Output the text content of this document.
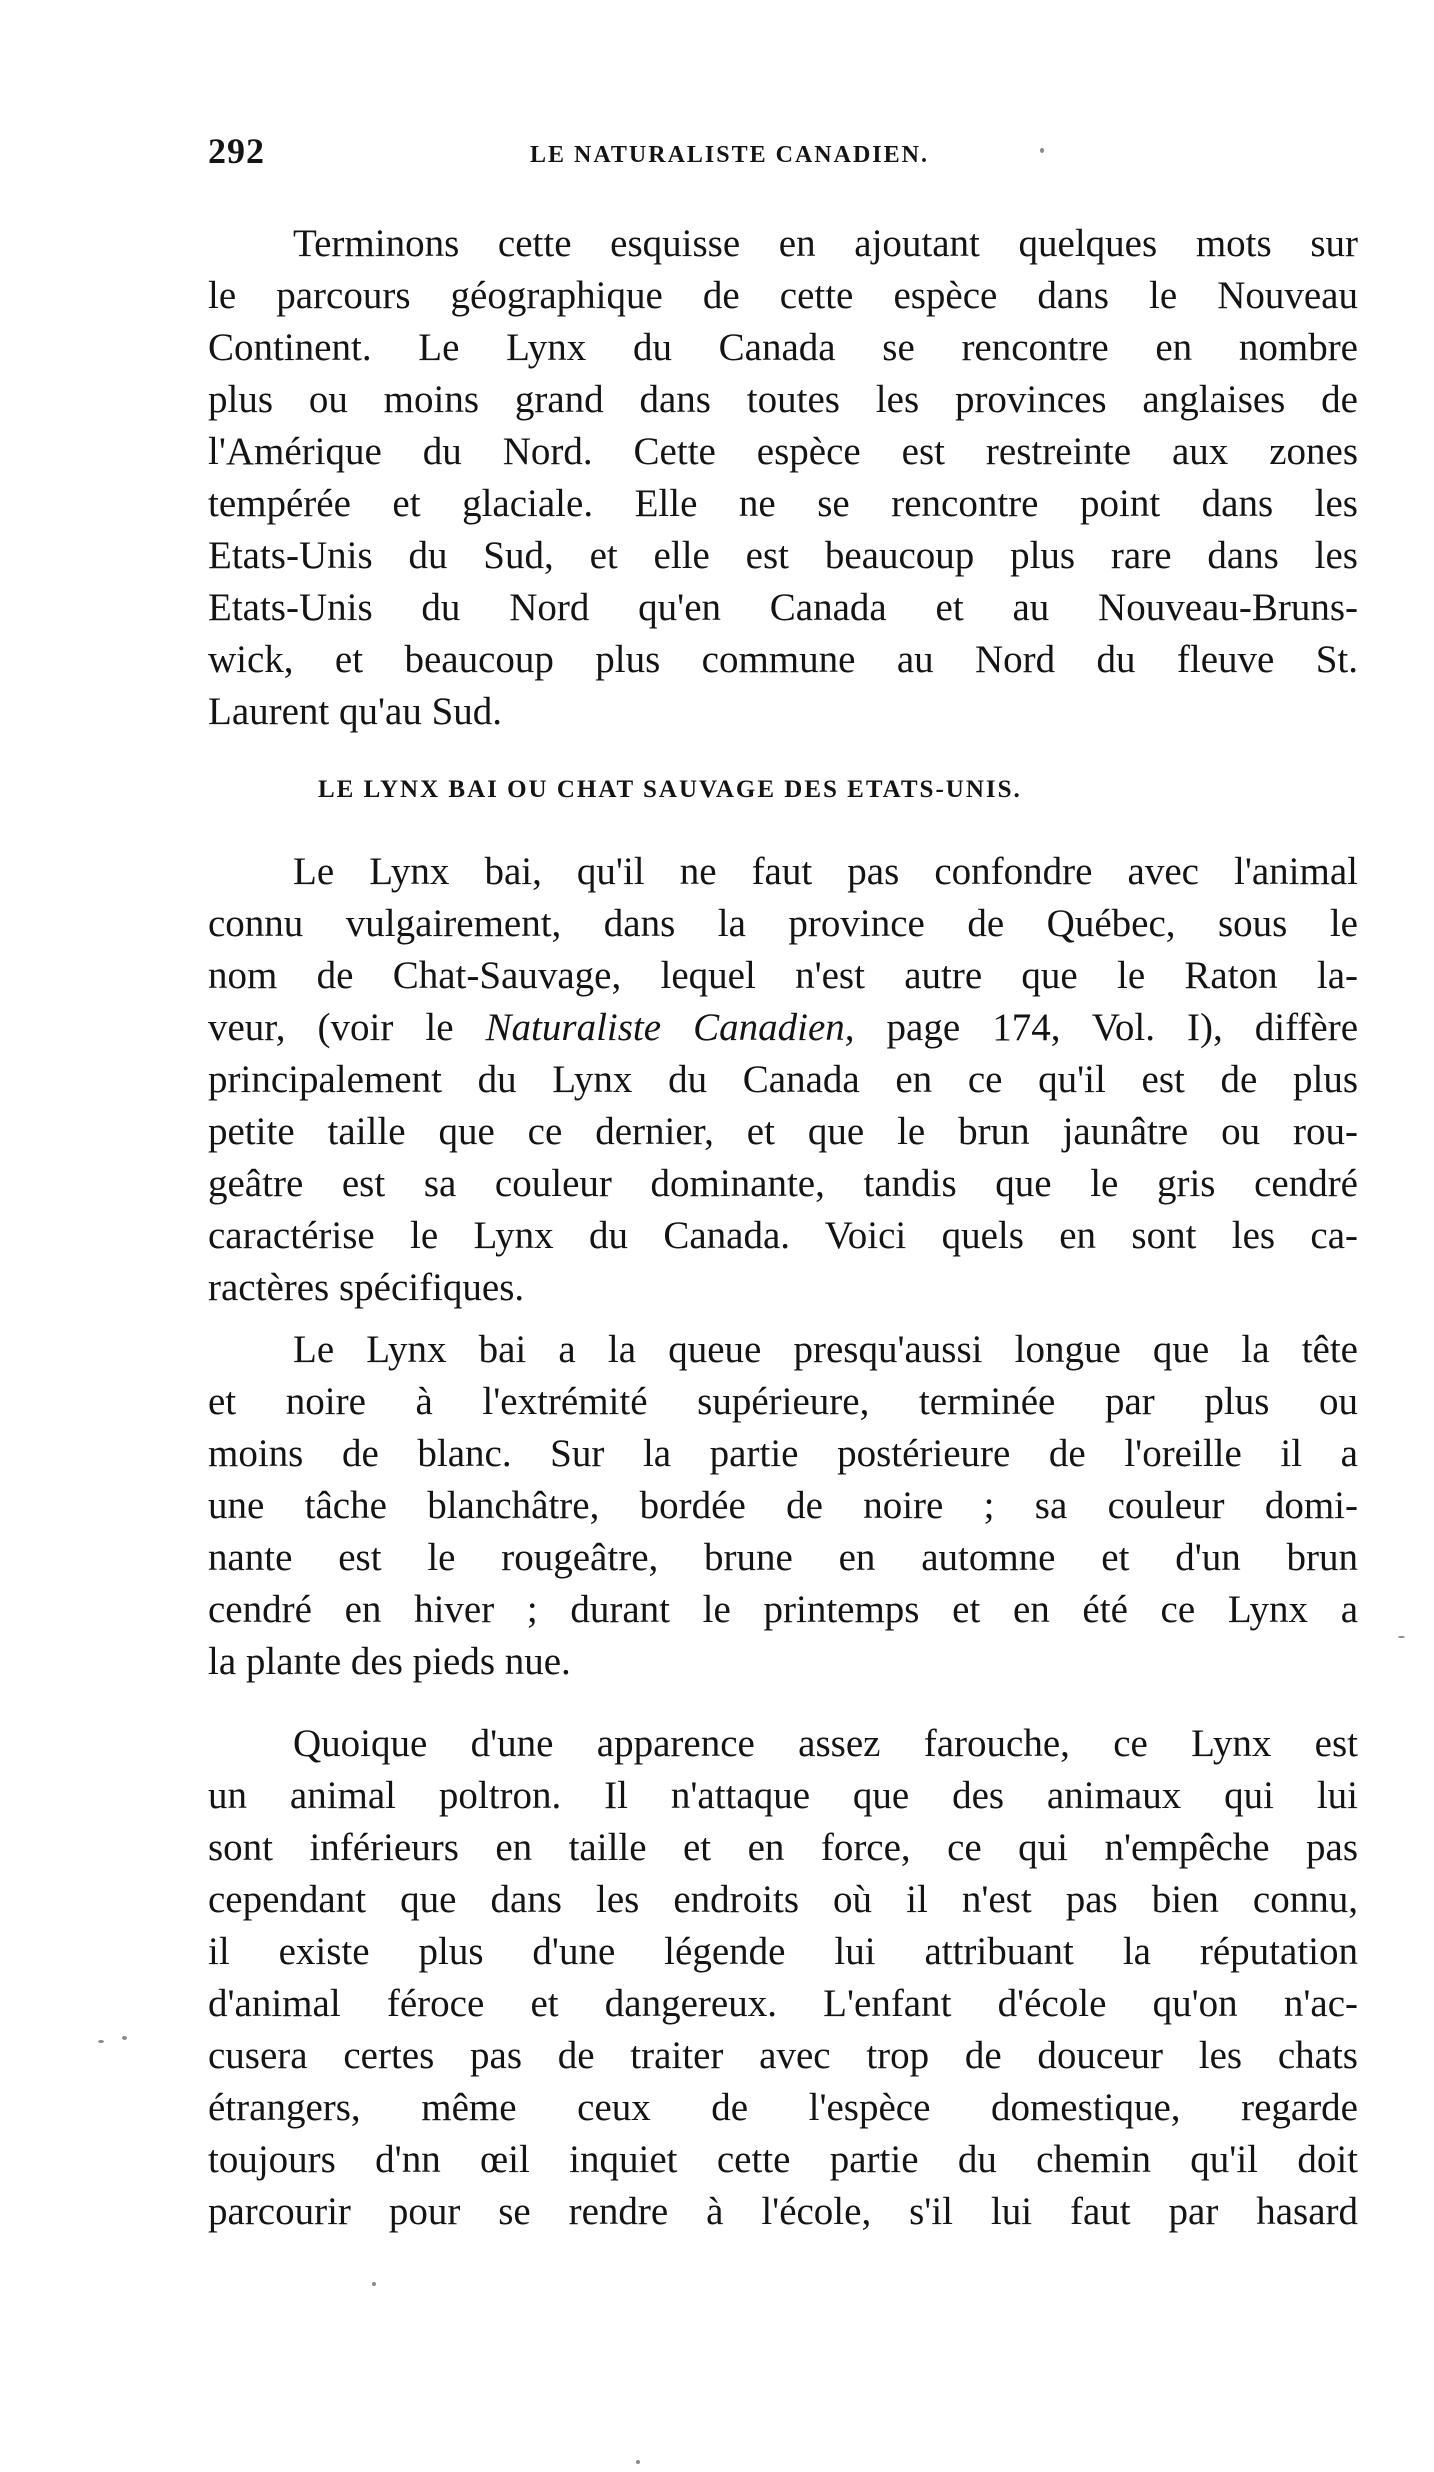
292	LE NATURALISTE CANADIEN.
Terminons cette esquisse en ajoutant quelques mots sur
le parcours géographique de cette espèce dans le Nouveau
Continent. Le Lynx du Canada se rencontre en nombre
plus ou moins grand dans toutes les provinces anglaises de
l'Amérique du Nord. Cette espèce est restreinte aux zones
tempérée et glaciale. Elle ne se rencontre point dans les
Etats-Unis du Sud, et elle est beaucoup plus rare dans les
Etats-Unis du Nord qu'en Canada et au Nouveau-Bruns-
wick, et beaucoup plus commune au Nord du fleuve St.
Laurent qu'au Sud.
LE LYNX BAI OU CHAT SAUVAGE DES ETATS-UNIS.
Le Lynx bai, qu'il ne faut pas confondre avec l'animal
connu vulgairement, dans la province de Québec, sous le
nom de Chat-Sauvage, lequel n'est autre que le Raton la-
veur, (voir le Naturaliste Canadien, page 174, Vol. I), diffère
principalement du Lynx du Canada en ce qu'il est de plus
petite taille que ce dernier, et que le brun jaunâtre ou rou-
geâtre est sa couleur dominante, tandis que le gris cendré
caractérise le Lynx du Canada. Voici quels en sont les ca-
ractères spécifiques.
Le Lynx bai a la queue presqu'aussi longue que la tête
et noire à l'extrémité supérieure, terminée par plus ou
moins de blanc. Sur la partie postérieure de l'oreille il a
une tâche blanchâtre, bordée de noire ; sa couleur domi-
nante est le rougeâtre, brune en automne et d'un brun
cendré en hiver ; durant le printemps et en été ce Lynx a
la plante des pieds nue.
Quoique d'une apparence assez farouche, ce Lynx est
un animal poltron. Il n'attaque que des animaux qui lui
sont inférieurs en taille et en force, ce qui n'empêche pas
cependant que dans les endroits où il n'est pas bien connu,
il existe plus d'une légende lui attribuant la réputation
d'animal féroce et dangereux. L'enfant d'école qu'on n'ac-
cusera certes pas de traiter avec trop de douceur les chats
étrangers, même ceux de l'espèce domestique, regarde
toujours d'nn œil inquiet cette partie du chemin qu'il doit
parcourir pour se rendre à l'école, s'il lui faut par hasard
